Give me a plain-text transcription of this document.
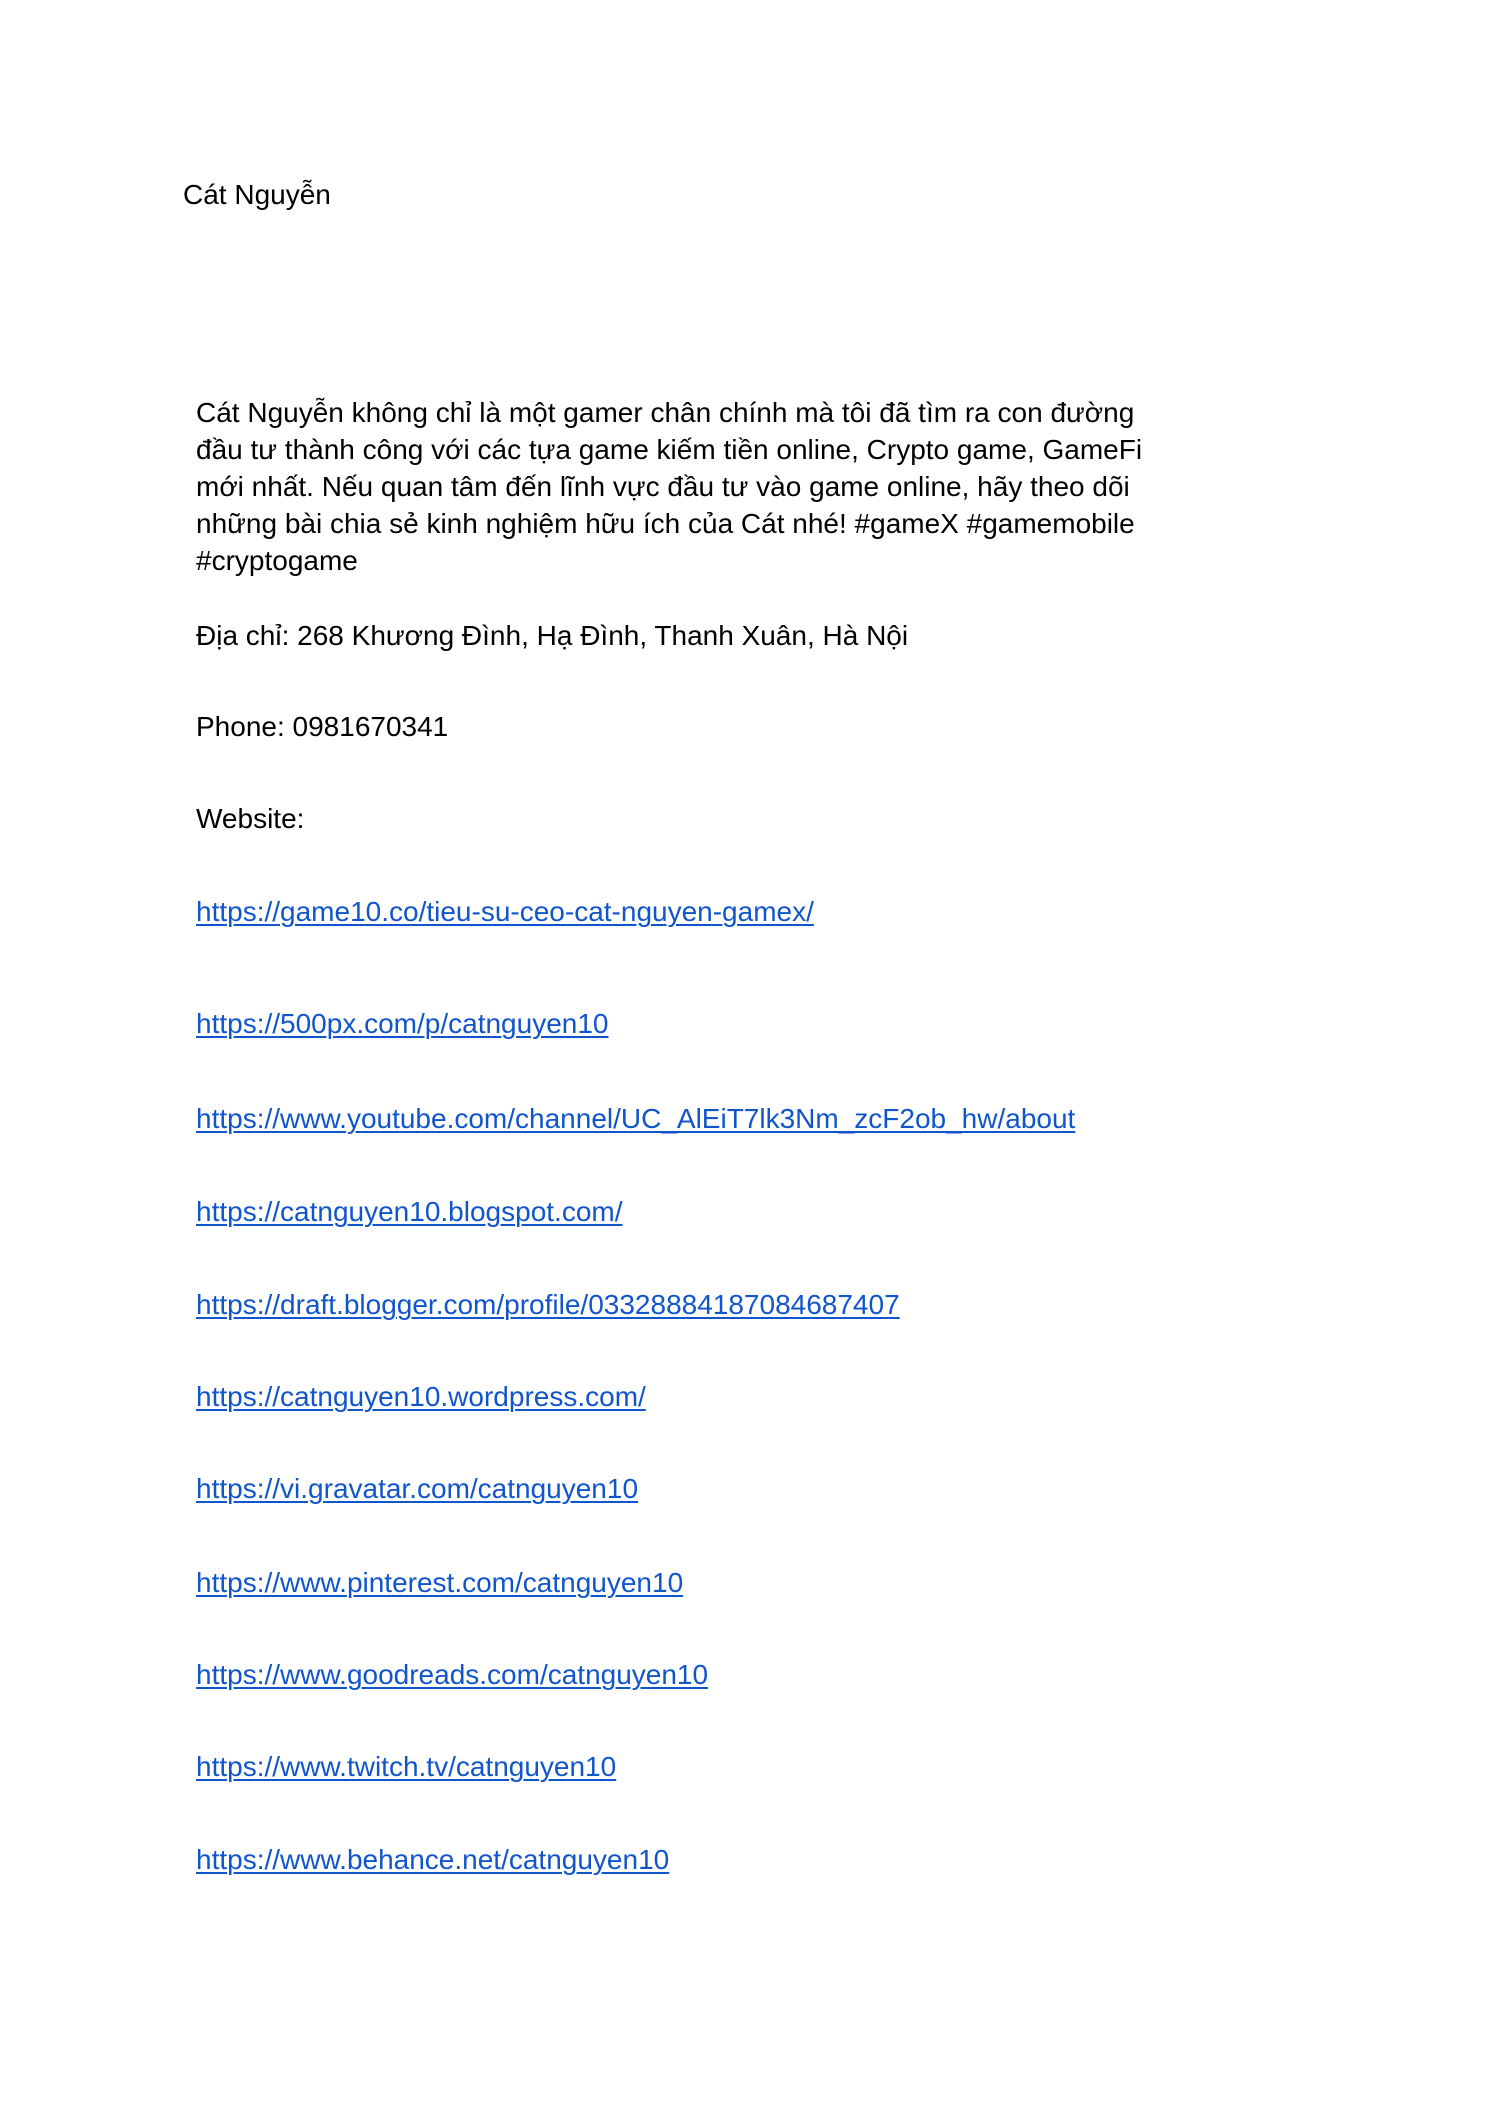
Cát Nguyễn
Cát Nguyễn không chỉ là một gamer chân chính mà tôi đã tìm ra con đường
đầu tư thành công với các tựa game kiếm tiền online, Crypto game, GameFi
mới nhất. Nếu quan tâm đến lĩnh vực đầu tư vào game online, hãy theo dõi
những bài chia sẻ kinh nghiệm hữu ích của Cát nhé! #gameX #gamemobile
#cryptogame
Địa chỉ: 268 Khương Đình, Hạ Đình, Thanh Xuân, Hà Nội
Phone: 0981670341
Website:
https://game10.co/tieu-su-ceo-cat-nguyen-gamex/
https://500px.com/p/catnguyen10
https://www.youtube.com/channel/UC_AlEiT7lk3Nm_zcF2ob_hw/about
https://catnguyen10.blogspot.com/
https://draft.blogger.com/profile/03328884187084687407
https://catnguyen10.wordpress.com/
https://vi.gravatar.com/catnguyen10
https://www.pinterest.com/catnguyen10
https://www.goodreads.com/catnguyen10
https://www.twitch.tv/catnguyen10
https://www.behance.net/catnguyen10
